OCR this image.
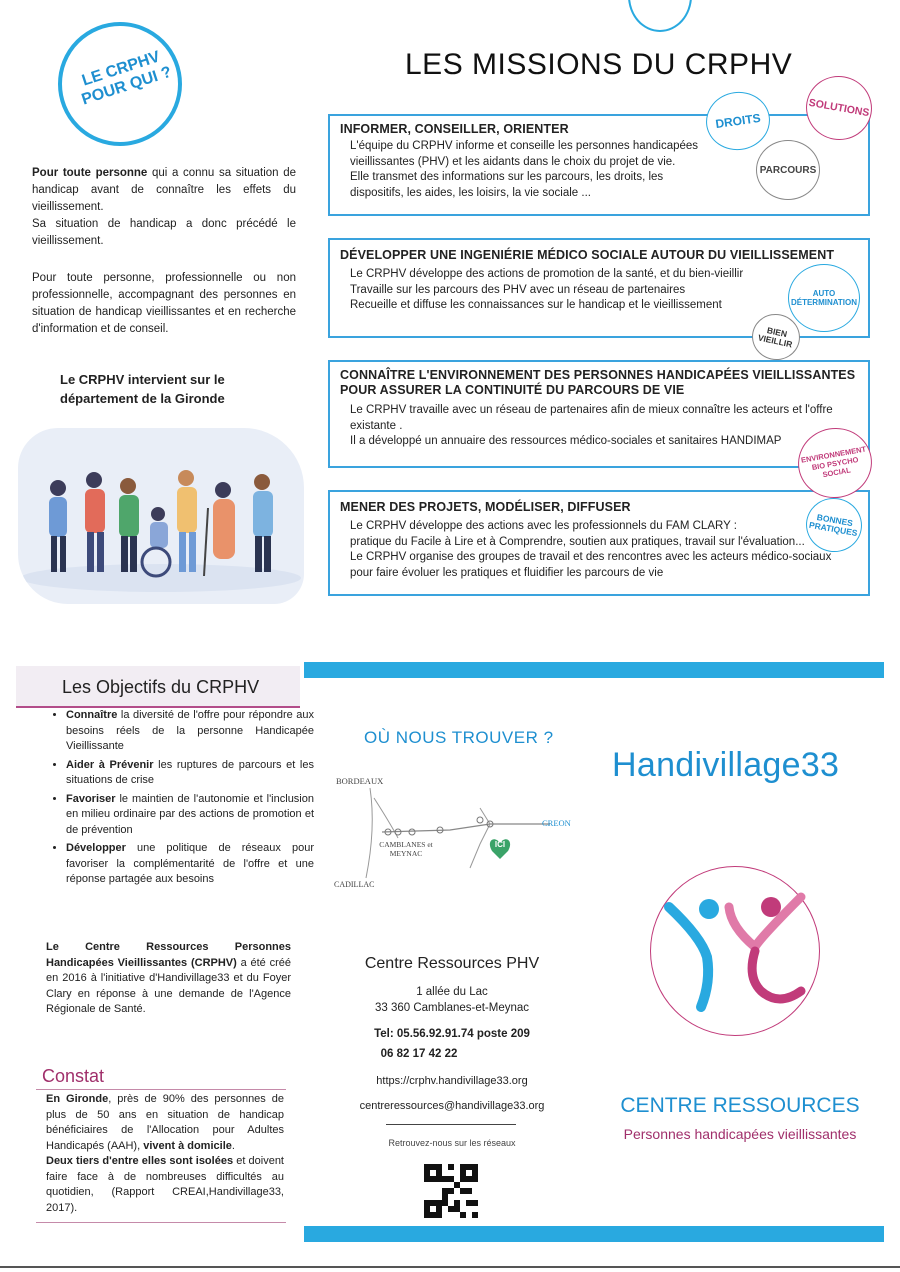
LE CRPHV POUR QUI ?
Pour toute personne qui a connu sa situation de handicap avant de connaître les effets du vieillissement.
Sa situation de handicap a donc précédé le vieillissement.
Pour toute personne, professionnelle ou non professionnelle, accompagnant des personnes en situation de handicap vieillissantes et en recherche d'information et de conseil.
Le CRPHV intervient sur le département de la Gironde
LES MISSIONS DU CRPHV
INFORMER, CONSEILLER, ORIENTER

L'équipe du CRPHV informe et conseille les personnes handicapées

vieillissantes (PHV) et les aidants dans le choix du projet de vie.

Elle transmet des informations sur les parcours, les droits, les

dispositifs, les aides, les loisirs, la vie sociale ...

DÉVELOPPER UNE INGENIÉRIE MÉDICO SOCIALE AUTOUR DU VIEILLISSEMENT

Le CRPHV développe des actions de promotion de la santé, et du bien-vieillir

Travaille sur les parcours des PHV avec un réseau de partenaires

Recueille et diffuse les connaissances sur le handicap et le vieillissement

CONNAÎTRE L'ENVIRONNEMENT DES PERSONNES HANDICAPÉES VIEILLISSANTES POUR ASSURER LA CONTINUITÉ DU PARCOURS DE VIE

Le CRPHV travaille avec un réseau de partenaires afin de mieux connaître les acteurs et l'offre existante .

Il a développé un annuaire des ressources médico-sociales et sanitaires HANDIMAP

MENER DES PROJETS, MODÉLISER, DIFFUSER

Le CRPHV développe des actions avec les professionnels du FAM CLARY :

pratique du Facile à Lire et à Comprendre, soutien aux pratiques, travail sur l'évaluation...

Le CRPHV organise des groupes de travail et des rencontres avec les acteurs médico-sociaux

pour faire évoluer les pratiques et fluidifier les parcours de vie

DROITS
SOLUTIONS
PARCOURS
AUTO DÉTERMINATION
BIEN VIEILLIR
ENVIRONNEMENT BIO PSYCHO SOCIAL
BONNES PRATIQUES
Les Objectifs du CRPHV
• Connaître la diversité de l'offre pour répondre aux besoins réels de la personne Handicapée Vieillissante
• Aider à Prévenir les ruptures de parcours et les situations de crise
• Favoriser le maintien de l'autonomie et l'inclusion en milieu ordinaire par des actions de promotion et de prévention
• Développer une politique de réseaux pour favoriser la complémentarité de l'offre et une réponse partagée aux besoins
Le Centre Ressources Personnes Handicapées Vieillissantes (CRPHV) a été créé en 2016 à l'initiative d'Handivillage33 et du Foyer Clary en réponse à une demande de l'Agence Régionale de Santé.
Constat
En Gironde, près de 90% des personnes de plus de 50 ans en situation de handicap bénéficiaires de l'Allocation pour Adultes Handicapés (AAH), vivent à domicile.
Deux tiers d'entre elles sont isolées et doivent faire face à de nombreuses difficultés au quotidien, (Rapport CREAI,Handivillage33, 2017).
OÙ NOUS TROUVER ?
BORDEAUX
CREON
CAMBLANES et MEYNAC
CADILLAC
ICI
Centre Ressources PHV
1 allée du Lac
33 360 Camblanes-et-Meynac
Tel: 05.56.92.91.74 poste 209
06 82 17 42 22
https://crphv.handivillage33.org
centreressources@handivillage33.org
Retrouvez-nous sur les réseaux
Handivillage33
CENTRE RESSOURCES
Personnes handicapées vieillissantes
